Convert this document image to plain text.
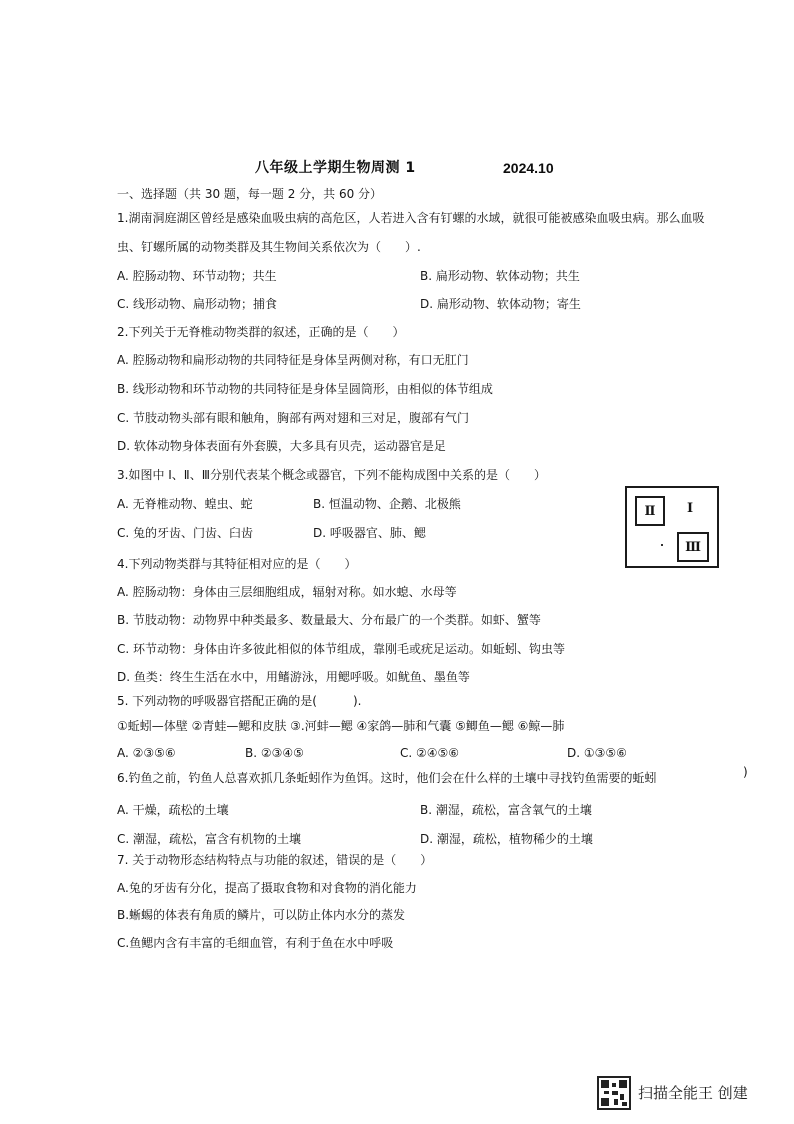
八年级上学期生物周测 1	2024.10
一、选择题（共 30 题，每一题 2 分，共 60 分）
1.湖南洞庭湖区曾经是感染血吸虫病的高危区，人若进入含有钉螺的水域，就很可能被感染血吸虫病。那么血吸
虫、钉螺所属的动物类群及其生物间关系依次为（　　）.
A. 腔肠动物、环节动物；共生	B. 扁形动物、软体动物；共生
C. 线形动物、扁形动物；捕食	D. 扁形动物、软体动物；寄生
2.下列关于无脊椎动物类群的叙述，正确的是（　　）
A. 腔肠动物和扁形动物的共同特征是身体呈两侧对称，有口无肛门
B. 线形动物和环节动物的共同特征是身体呈圆筒形，由相似的体节组成
C. 节肢动物头部有眼和触角，胸部有两对翅和三对足，腹部有气门
D. 软体动物身体表面有外套膜，大多具有贝壳，运动器官是足
3.如图中 Ⅰ、Ⅱ、Ⅲ分别代表某个概念或器官，下列不能构成图中关系的是（　　）
A. 无脊椎动物、蝗虫、蛇	B. 恒温动物、企鹅、北极熊
C. 兔的牙齿、门齿、臼齿	D. 呼吸器官、肺、鳃
Ⅱ Ⅰ
Ⅲ
4.下列动物类群与其特征相对应的是（　　）
A. 腔肠动物：身体由三层细胞组成，辐射对称。如水螅、水母等
B. 节肢动物：动物界中种类最多、数量最大、分布最广的一个类群。如虾、蟹等
C. 环节动物：身体由许多彼此相似的体节组成，靠刚毛或疣足运动。如蚯蚓、钩虫等
D. 鱼类：终生生活在水中，用鳍游泳，用鳃呼吸。如鱿鱼、墨鱼等
5. 下列动物的呼吸器官搭配正确的是(　　　).
①蚯蚓—体壁 ②青蛙—鳃和皮肤 ③.河蚌—鳃 ④家鸽—肺和气囊 ⑤鲫鱼—鳃 ⑥鲸—肺
A. ②③⑤⑥	B. ②③④⑤	C. ②④⑤⑥	D. ①③⑤⑥
6.钓鱼之前，钓鱼人总喜欢抓几条蚯蚓作为鱼饵。这时，他们会在什么样的土壤中寻找钓鱼需要的蚯蚓	)
A. 干燥，疏松的土壤	B. 潮湿，疏松，富含氧气的土壤
C. 潮湿，疏松，富含有机物的土壤	D. 潮湿，疏松，植物稀少的土壤
7. 关于动物形态结构特点与功能的叙述，错误的是（　　）
A.兔的牙齿有分化，提高了摄取食物和对食物的消化能力
B.蜥蜴的体表有角质的鳞片，可以防止体内水分的蒸发
C.鱼鳃内含有丰富的毛细血管，有利于鱼在水中呼吸
扫描全能王 创建
